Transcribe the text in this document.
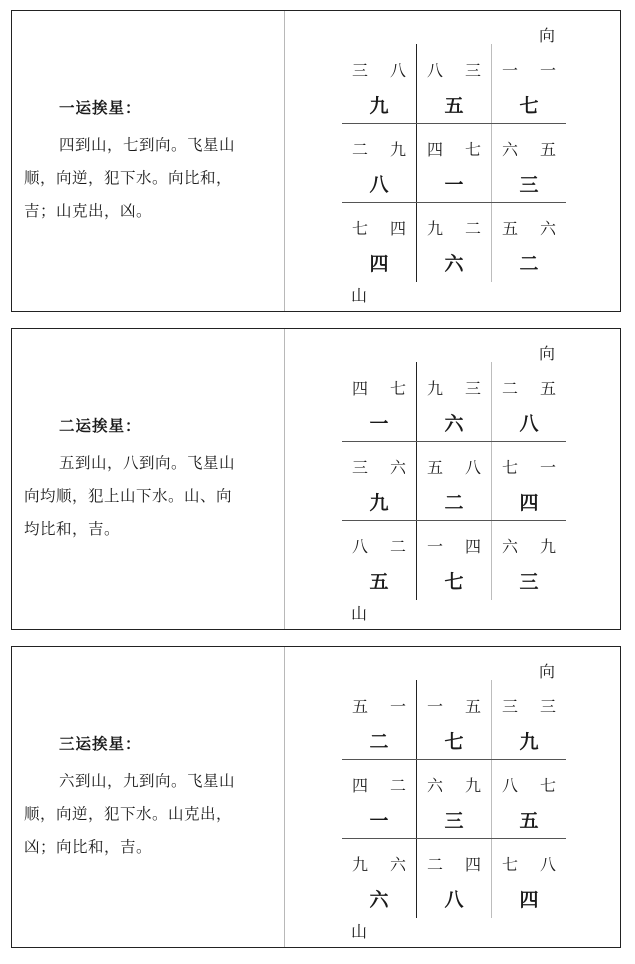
一运挨星：
四到山，七到向。飞星山
顺，向逆，犯下水。向比和，
吉；山克出，凶。
向
山
三 八
九
八 三
五
一 一
七
二 九
八
四 七
一
六 五
三
七 四
四
九 二
六
五 六
二
二运挨星：
五到山，八到向。飞星山
向均顺，犯上山下水。山、向
均比和，吉。
向
山
四 七
一
九 三
六
二 五
八
三 六
九
五 八
二
七 一
四
八 二
五
一 四
七
六 九
三
三运挨星：
六到山，九到向。飞星山
顺，向逆，犯下水。山克出，
凶；向比和，吉。
向
山
五 一
二
一 五
七
三 三
九
四 二
一
六 九
三
八 七
五
九 六
六
二 四
八
七 八
四
